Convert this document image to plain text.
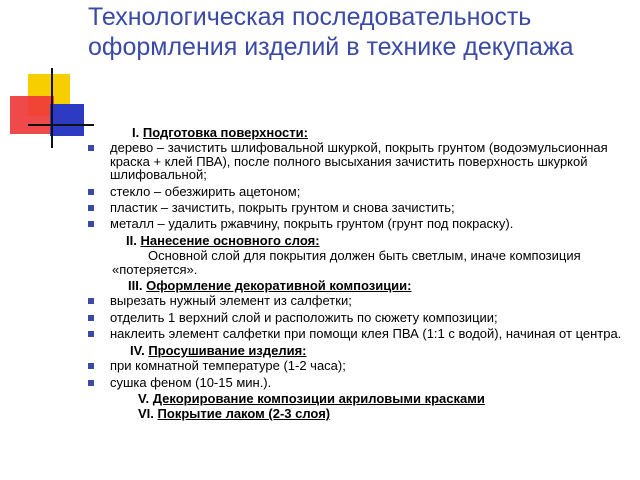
Технологическая последовательность оформления изделий в технике декупажа
I. Подготовка поверхности:
дерево – зачистить шлифовальной шкуркой, покрыть грунтом (водоэмульсионная краска + клей ПВА), после полного высыхания зачистить поверхность шкуркой шлифовальной;
стекло – обезжирить ацетоном;
пластик – зачистить, покрыть грунтом и снова зачистить;
металл – удалить ржавчину, покрыть грунтом (грунт под покраску).
II. Нанесение основного слоя:
Основной слой для покрытия должен быть светлым, иначе композиция «потеряется».
III. Оформление декоративной композиции:
вырезать нужный элемент из салфетки;
отделить 1 верхний слой и расположить по сюжету композиции;
наклеить элемент салфетки при помощи клея ПВА (1:1 с водой), начиная от центра.
IV. Просушивание изделия:
при комнатной температуре (1-2 часа);
сушка феном (10-15 мин.).
V. Декорирование композиции акриловыми красками
VI. Покрытие лаком (2-3 слоя)
